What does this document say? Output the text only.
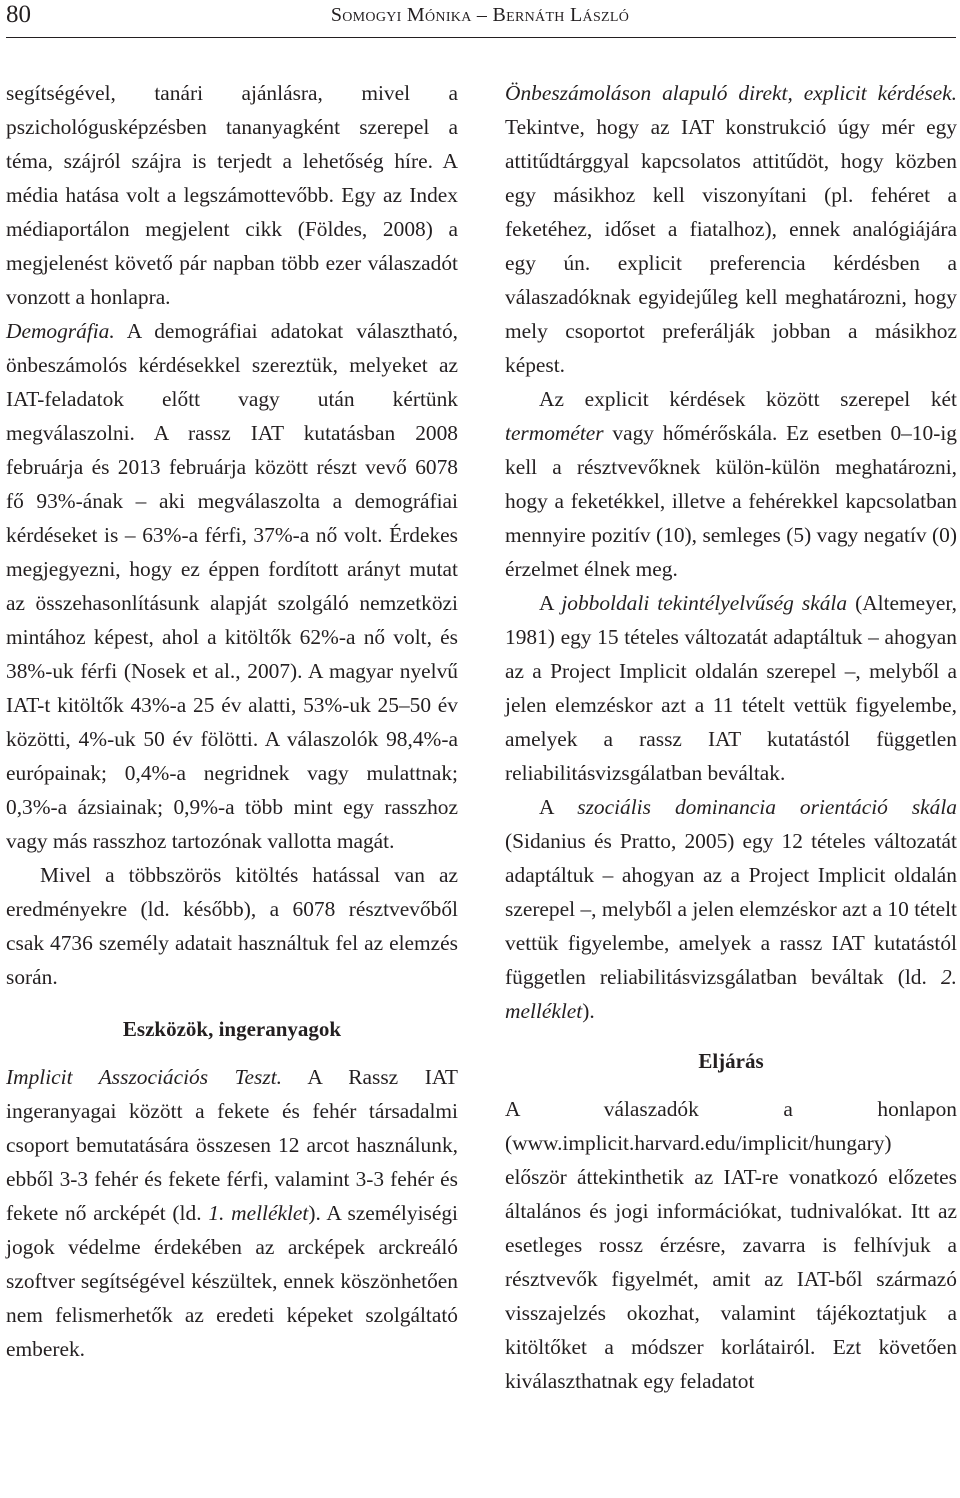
80	Somogyi Mónika – Bernáth László

segítségével, tanári ajánlásra, mivel a pszichológusképzésben tananyagként szerepel a téma, szájról szájra is terjedt a lehetőség híre. A média hatása volt a legszámottevőbb. Egy az Index médiaportálon megjelent cikk (Földes, 2008) a megjelenést követő pár napban több ezer válaszadót vonzott a honlapra.

Demográfia. A demográfiai adatokat választható, önbeszámolós kérdésekkel szereztük, melyeket az IAT-feladatok előtt vagy után kértünk megválaszolni. A rassz IAT kutatásban 2008 februárja és 2013 februárja között részt vevő 6078 fő 93%-ának – aki megválaszolta a demográfiai kérdéseket is – 63%-a férfi, 37%-a nő volt. Érdekes megjegyezni, hogy ez éppen fordított arányt mutat az összehasonlításunk alapját szolgáló nemzetközi mintához képest, ahol a kitöltők 62%-a nő volt, és 38%-uk férfi (Nosek et al., 2007). A magyar nyelvű IAT-t kitöltők 43%-a 25 év alatti, 53%-uk 25–50 év közötti, 4%-uk 50 év fölötti. A válaszolók 98,4%-a európainak; 0,4%-a negridnek vagy mulattnak; 0,3%-a ázsiainak; 0,9%-a több mint egy rasszhoz vagy más rasszhoz tartozónak vallotta magát.

Mivel a többszörös kitöltés hatással van az eredményekre (ld. később), a 6078 résztvevőből csak 4736 személy adatait használtuk fel az elemzés során.

Eszközök, ingeranyagok

Implicit Asszociációs Teszt. A Rassz IAT ingeranyagai között a fekete és fehér társadalmi csoport bemutatására összesen 12 arcot használunk, ebből 3-3 fehér és fekete férfi, valamint 3-3 fehér és fekete nő arcképét (ld. 1. melléklet). A személyiségi jogok védelme érdekében az arcképek arckreáló szoftver segítségével készültek, ennek köszönhetően nem felismerhetők az eredeti képeket szolgáltató emberek.

Önbeszámoláson alapuló direkt, explicit kérdések. Tekintve, hogy az IAT konstrukció úgy mér egy attitűdtárggyal kapcsolatos attitűdöt, hogy közben egy másikhoz kell viszonyítani (pl. fehéret a feketéhez, időset a fiatalhoz), ennek analógiájára egy ún. explicit preferencia kérdésben a válaszadóknak egyidejűleg kell meghatározni, hogy mely csoportot preferálják jobban a másikhoz képest.

Az explicit kérdések között szerepel két termométer vagy hőmérőskála. Ez esetben 0–10-ig kell a résztvevőknek külön-külön meghatározni, hogy a feketékkel, illetve a fehérekkel kapcsolatban mennyire pozitív (10), semleges (5) vagy negatív (0) érzelmet élnek meg.

A jobboldali tekintélyelvűség skála (Altemeyer, 1981) egy 15 tételes változatát adaptáltuk – ahogyan az a Project Implicit oldalán szerepel –, melyből a jelen elemzéskor azt a 11 tételt vettük figyelembe, amelyek a rassz IAT kutatástól független reliabilitásvizsgálatban beváltak.

A szociális dominancia orientáció skála (Sidanius és Pratto, 2005) egy 12 tételes változatát adaptáltuk – ahogyan az a Project Implicit oldalán szerepel –, melyből a jelen elemzéskor azt a 10 tételt vettük figyelembe, amelyek a rassz IAT kutatástól független reliabilitásvizsgálatban beváltak (ld. 2. melléklet).

Eljárás

A válaszadók a honlapon (www.implicit.harvard.edu/implicit/hungary) először áttekinthetik az IAT-re vonatkozó előzetes általános és jogi információkat, tudnivalókat. Itt az esetleges rossz érzésre, zavarra is felhívjuk a résztvevők figyelmét, amit az IAT-ből származó visszajelzés okozhat, valamint tájékoztatjuk a kitöltőket a módszer korlátairól. Ezt követően kiválaszthatnak egy feladatot
